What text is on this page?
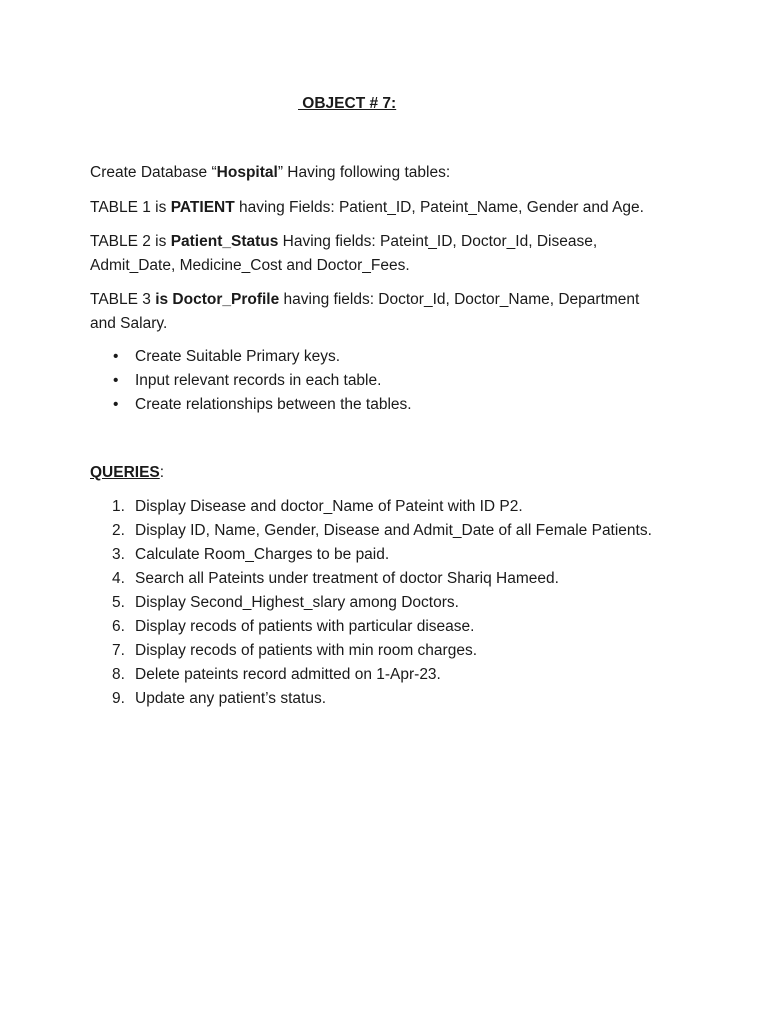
OBJECT # 7:
Create Database “Hospital” Having following tables:
TABLE 1 is PATIENT having Fields: Patient_ID, Pateint_Name, Gender and Age.
TABLE 2 is Patient_Status Having fields: Pateint_ID, Doctor_Id, Disease, Admit_Date, Medicine_Cost and Doctor_Fees.
TABLE 3 is Doctor_Profile having fields: Doctor_Id, Doctor_Name, Department and Salary.
• Create Suitable Primary keys.
• Input relevant records in each table.
• Create relationships between the tables.
QUERIES:
1. Display Disease and doctor_Name of Pateint with ID P2.
2. Display ID, Name, Gender, Disease and Admit_Date of all Female Patients.
3. Calculate Room_Charges to be paid.
4. Search all Pateints under treatment of doctor Shariq Hameed.
5. Display Second_Highest_slary among Doctors.
6. Display recods of patients with particular disease.
7. Display recods of patients with min room charges.
8. Delete pateints record admitted on 1-Apr-23.
9. Update any patient’s status.
